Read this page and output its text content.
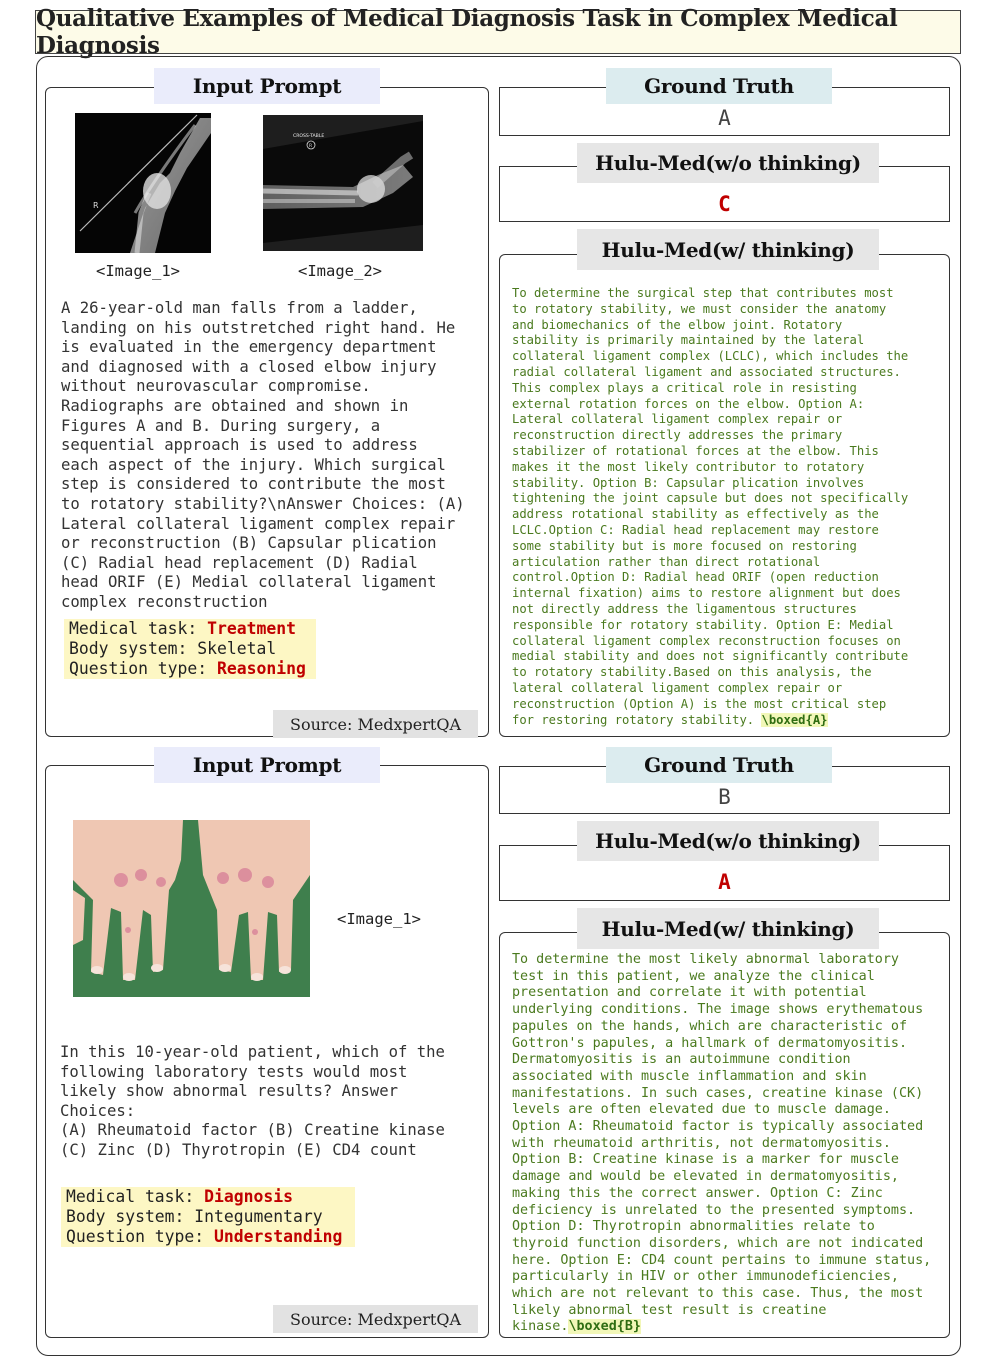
Qualitative Examples of Medical Diagnosis Task in Complex Medical Diagnosis
Input Prompt
R
<Image_1>
CROSS-TABLE
R
<Image_2>
A 26-year-old man falls from a ladder,
landing on his outstretched right hand. He
is evaluated in the emergency department
and diagnosed with a closed elbow injury
without neurovascular compromise.
Radiographs are obtained and shown in
Figures A and B. During surgery, a
sequential approach is used to address
each aspect of the injury. Which surgical
step is considered to contribute the most
to rotatory stability?\nAnswer Choices: (A)
Lateral collateral ligament complex repair
or reconstruction (B) Capsular plication
(C) Radial head replacement (D) Radial
head ORIF (E) Medial collateral ligament
complex reconstruction
Medical task: Treatment
Body system: Skeletal
Question type: Reasoning
Source: MedxpertQA
Ground Truth
A
Hulu-Med(w/o thinking)
C
Hulu-Med(w/ thinking)
To determine the surgical step that contributes most
to rotatory stability, we must consider the anatomy
and biomechanics of the elbow joint. Rotatory
stability is primarily maintained by the lateral
collateral ligament complex (LCLC), which includes the
radial collateral ligament and associated structures.
This complex plays a critical role in resisting
external rotation forces on the elbow. Option A:
Lateral collateral ligament complex repair or
reconstruction directly addresses the primary
stabilizer of rotational forces at the elbow. This
makes it the most likely contributor to rotatory
stability. Option B: Capsular plication involves
tightening the joint capsule but does not specifically
address rotational stability as effectively as the
LCLC.Option C: Radial head replacement may restore
some stability but is more focused on restoring
articulation rather than direct rotational
control.Option D: Radial head ORIF (open reduction
internal fixation) aims to restore alignment but does
not directly address the ligamentous structures
responsible for rotatory stability. Option E: Medial
collateral ligament complex reconstruction focuses on
medial stability and does not significantly contribute
to rotatory stability.Based on this analysis, the
lateral collateral ligament complex repair or
reconstruction (Option A) is the most critical step
for restoring rotatory stability. \boxed{A}
Input Prompt
<Image_1>
In this 10-year-old patient, which of the
following laboratory tests would most
likely show abnormal results? Answer
Choices:
(A) Rheumatoid factor (B) Creatine kinase
(C) Zinc (D) Thyrotropin (E) CD4 count
Medical task: Diagnosis
Body system: Integumentary
Question type: Understanding
Source: MedxpertQA
Ground Truth
B
Hulu-Med(w/o thinking)
A
Hulu-Med(w/ thinking)
To determine the most likely abnormal laboratory
test in this patient, we analyze the clinical
presentation and correlate it with potential
underlying conditions. The image shows erythematous
papules on the hands, which are characteristic of
Gottron's papules, a hallmark of dermatomyositis.
Dermatomyositis is an autoimmune condition
associated with muscle inflammation and skin
manifestations. In such cases, creatine kinase (CK)
levels are often elevated due to muscle damage.
Option A: Rheumatoid factor is typically associated
with rheumatoid arthritis, not dermatomyositis.
Option B: Creatine kinase is a marker for muscle
damage and would be elevated in dermatomyositis,
making this the correct answer. Option C: Zinc
deficiency is unrelated to the presented symptoms.
Option D: Thyrotropin abnormalities relate to
thyroid function disorders, which are not indicated
here. Option E: CD4 count pertains to immune status,
particularly in HIV or other immunodeficiencies,
which are not relevant to this case. Thus, the most
likely abnormal test result is creatine
kinase.\boxed{B}
